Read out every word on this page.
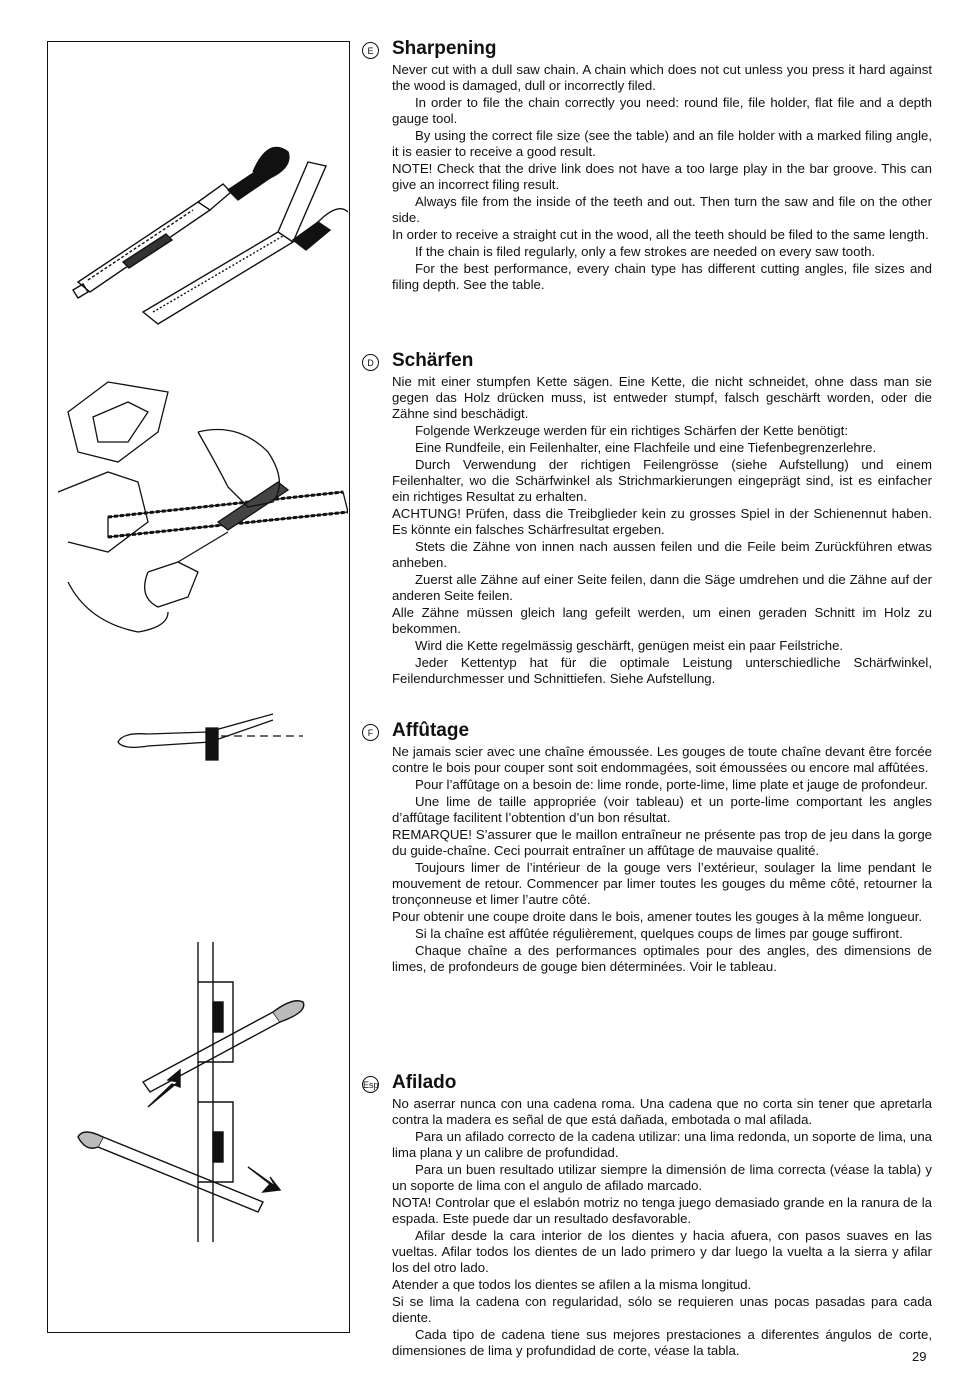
E Sharpening

Never cut with a dull saw chain. A chain which does not cut unless you press it hard against the wood is damaged, dull or incorrectly filed.

In order to file the chain correctly you need: round file, file holder, flat file and a depth gauge tool.

By using the correct file size (see the table) and an file holder with a marked filing angle, it is easier to receive a good result.

NOTE! Check that the drive link does not have a too large play in the bar groove. This can give an incorrect filing result.

Always file from the inside of the teeth and out. Then turn the saw and file on the other side.

In order to receive a straight cut in the wood, all the teeth should be filed to the same length.

If the chain is filed regularly, only a few strokes are needed on every saw tooth.

For the best performance, every chain type has different cutting angles, file sizes and filing depth. See the table.

D Schärfen

Nie mit einer stumpfen Kette sägen. Eine Kette, die nicht schneidet, ohne dass man sie gegen das Holz drücken muss, ist entweder stumpf, falsch geschärft worden, oder die Zähne sind beschädigt.

Folgende Werkzeuge werden für ein richtiges Schärfen der Kette benötigt:

Eine Rundfeile, ein Feilenhalter, eine Flachfeile und eine Tiefenbegrenzerlehre.

Durch Verwendung der richtigen Feilengrösse (siehe Aufstellung) und einem Feilenhalter, wo die Schärfwinkel als Strichmarkierungen eingeprägt sind, ist es einfacher ein richtiges Resultat zu erhalten.

ACHTUNG! Prüfen, dass die Treibglieder kein zu grosses Spiel in der Schienennut haben. Es könnte ein falsches Schärfresultat ergeben.

Stets die Zähne von innen nach aussen feilen und die Feile beim Zurückführen etwas anheben.

Zuerst alle Zähne auf einer Seite feilen, dann die Säge umdrehen und die Zähne auf der anderen Seite feilen.

Alle Zähne müssen gleich lang gefeilt werden, um einen geraden Schnitt im Holz zu bekommen.

Wird die Kette regelmässig geschärft, genügen meist ein paar Feilstriche.

Jeder Kettentyp hat für die optimale Leistung unterschiedliche Schärfwinkel, Feilendurchmesser und Schnittiefen. Siehe Aufstellung.

F Affûtage

Ne jamais scier avec une chaîne émoussée. Les gouges de toute chaîne devant être forcée contre le bois pour couper sont soit endommagées, soit émoussées ou encore mal affûtées.

Pour l’affûtage on a besoin de: lime ronde, porte-lime, lime plate et jauge de profondeur.

Une lime de taille appropriée (voir tableau) et un porte-lime comportant les angles d’affûtage facilitent l’obtention d’un bon résultat.

REMARQUE! S’assurer que le maillon entraîneur ne présente pas trop de jeu dans la gorge du guide-chaîne. Ceci pourrait entraîner un affûtage de mauvaise qualité.

Toujours limer de l’intérieur de la gouge vers l’extérieur, soulager la lime pendant le mouvement de retour. Commencer par limer toutes les gouges du même côté, retourner la tronçonneuse et limer l’autre côté.

Pour obtenir une coupe droite dans le bois, amener toutes les gouges à la même longueur.

Si la chaîne est affûtée régulièrement, quelques coups de limes par gouge suffiront.

Chaque chaîne a des performances optimales pour des angles, des dimensions de limes, de profondeurs de gouge bien déterminées. Voir le tableau.

Esp Afilado

No aserrar nunca con una cadena roma. Una cadena que no corta sin tener que apretarla contra la madera es señal de que está dañada, embotada o mal afilada.

Para un afilado correcto de la cadena utilizar: una lima redonda, un soporte de lima, una lima plana y un calibre de profundidad.

Para un buen resultado utilizar siempre la dimensión de lima correcta (véase la tabla) y un soporte de lima con el angulo de afilado marcado.

NOTA! Controlar que el eslabón motriz no tenga juego demasiado grande en la ranura de la espada. Este puede dar un resultado desfavorable.

Afilar desde la cara interior de los dientes y hacia afuera, con pasos suaves en las vueltas. Afilar todos los dientes de un lado primero y dar luego la vuelta a la sierra y afilar los del otro lado.

Atender a que todos los dientes se afilen a la misma longitud.

Si se lima la cadena con regularidad, sólo se requieren unas pocas pasadas para cada diente.

Cada tipo de cadena tiene sus mejores prestaciones a diferentes ángulos de corte, dimensiones de lima y profundidad de corte, véase la tabla.	29
